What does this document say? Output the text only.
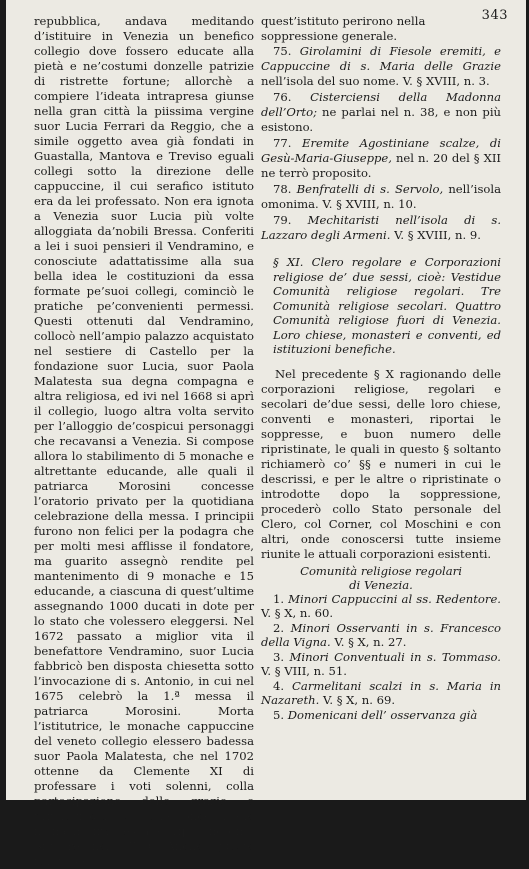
343

repubblica, andava meditando d’istituire in Venezia un benefico collegio dove fossero educate alla pietà e ne’costumi donzelle patrizie di ristrette fortune; allorchè a compiere l’ideata intrapresa giunse nella gran città la piissima vergine suor Lucia Ferrari da Reggio, che a simile oggetto avea già fondati in Guastalla, Mantova e Treviso eguali collegi sotto la direzione delle cappuccine, il cui serafico istituto era da lei professato. Non era ignota a Venezia suor Lucia più volte alloggiata da’nobili Bressa. Conferiti a lei i suoi pensieri il Vendramino, e conosciute adattatissime alla sua bella idea le costituzioni da essa formate pe’suoi collegi, cominciò le pratiche pe’convenienti permessi. Questi ottenuti dal Vendramino, collocò nell’ampio palazzo acquistato nel sestiere di Castello per la fondazione suor Lucia, suor Paola Malatesta sua degna compagna e altra religiosa, ed ivi nel 1668 si aprì il collegio, luogo altra volta servito per l’alloggio de’cospicui personaggi che recavansi a Venezia. Si compose allora lo stabilimento di 5 monache e altrettante educande, alle quali il patriarca Morosini concesse l’oratorio privato per la quotidiana celebrazione della messa. I principii furono non felici per la podagra che per molti mesi afflisse il fondatore, ma guarito assegnò rendite pel mantenimento di 9 monache e 15 educande, a ciascuna di quest’ultime assegnando 1000 ducati in dote per lo stato che volessero eleggersi. Nel 1672 passato a miglior vita il benefattore Vendramino, suor Lucia fabbricò ben disposta chiesetta sotto l’invocazione di s. Antonio, in cui nel 1675 celebrò la 1.ª messa il patriarca Morosini. Morta l’istitutrice, le monache cappuccine del veneto collegio elessero badessa suor Paola Malatesta, che nel 1702 ottenne da Clemente XI di professare i voti solenni, colla partecipazione delle grazie e privilegi dalla s. Sede concessi alle monache francescane, riposando nel Signore nel 1709. Anche queste religiose e

quest’istituto perirono nella soppressione generale.

75. Girolamini di Fiesole eremiti, e Cappuccine di s. Maria delle Grazie nell’isola del suo nome. V. § XVIII, n. 3.

76. Cisterciensi della Madonna dell’Orto; ne parlai nel n. 38, e non più esistono.

77. Eremite Agostiniane scalze, di Gesù-Maria-Giuseppe, nel n. 20 del § XII ne terrò proposito.

78. Benfratelli di s. Servolo, nell’isola omonima. V. § XVIII, n. 10.

79. Mechitaristi nell’isola di s. Lazzaro degli Armeni. V. § XVIII, n. 9.

§ XI. Clero regolare e Corporazioni religiose de’ due sessi, cioè: Vestidue Comunità religiose regolari. Tre Comunità religiose secolari. Quattro Comunità religiose fuori di Venezia. Loro chiese, monasteri e conventi, ed istituzioni benefiche.

Nel precedente § X ragionando delle corporazioni religiose, regolari e secolari de’due sessi, delle loro chiese, conventi e monasteri, riportai le soppresse, e buon numero delle ripristinate, le quali in questo § soltanto richiamerò co’ §§ e numeri in cui le descrissi, e per le altre o ripristinate o introdotte dopo la soppressione, procederò collo Stato personale del Clero, col Corner, col Moschini e con altri, onde conoscersi tutte insieme riunite le attuali corporazioni esistenti.

Comunità religiose regolari

di Venezia.

1. Minori Cappuccini al ss. Redentore. V. § X, n. 60.

2. Minori Osservanti in s. Francesco della Vigna. V. § X, n. 27.

3. Minori Conventuali in s. Tommaso. V. § VIII, n. 51.

4. Carmelitani scalzi in s. Maria in Nazareth. V. § X, n. 69.

5. Domenicani dell’ osservanza già
